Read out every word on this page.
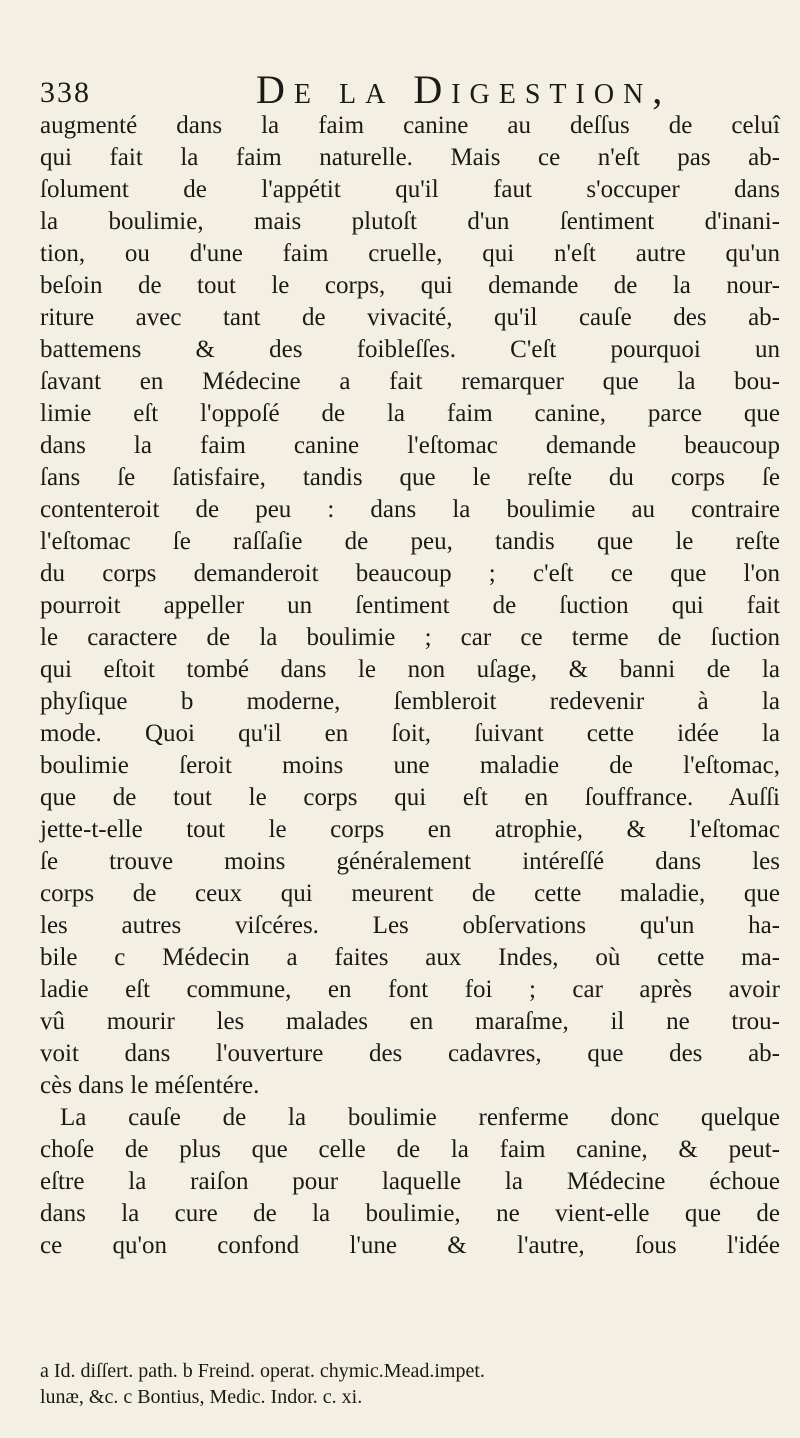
338	De la Digestion,
augmenté dans la faim canine au deſſus de celuî
qui fait la faim naturelle. Mais ce n'eſt pas ab-
ſolument de l'appétit qu'il faut s'occuper dans
la boulimie, mais plutoſt d'un ſentiment d'inani-
tion, ou d'une faim cruelle, qui n'eſt autre qu'un
beſoin de tout le corps, qui demande de la nour-
riture avec tant de vivacité, qu'il cauſe des ab-
battemens & des foibleſſes. C'eſt pourquoi un
ſavant en Médecine a fait remarquer que la bou-
limie eſt l'oppoſé de la faim canine, parce que
dans la faim canine l'eſtomac demande beaucoup
ſans ſe ſatisfaire, tandis que le reſte du corps ſe
contenteroit de peu : dans la boulimie au contraire
l'eſtomac ſe raſſaſie de peu, tandis que le reſte
du corps demanderoit beaucoup ; c'eſt ce que l'on
pourroit appeller un ſentiment de ſuction qui fait
le caractere de la boulimie ; car ce terme de ſuction
qui eſtoit tombé dans le non uſage, & banni de la
phyſique b moderne, ſembleroit redevenir à la
mode. Quoi qu'il en ſoit, ſuivant cette idée la
boulimie ſeroit moins une maladie de l'eſtomac,
que de tout le corps qui eſt en ſouffrance. Auſſi
jette-t-elle tout le corps en atrophie, & l'eſtomac
ſe trouve moins généralement intéreſſé dans les
corps de ceux qui meurent de cette maladie, que
les autres viſcéres. Les obſervations qu'un ha-
bile c Médecin a faites aux Indes, où cette ma-
ladie eſt commune, en font foi ; car après avoir
vû mourir les malades en maraſme, il ne trou-
voit dans l'ouverture des cadavres, que des ab-
cès dans le méſentére.
La cauſe de la boulimie renferme donc quelque
choſe de plus que celle de la faim canine, & peut-
eſtre la raiſon pour laquelle la Médecine échoue
dans la cure de la boulimie, ne vient-elle que de
ce qu'on confond l'une & l'autre, ſous l'idée
a Id. diſſert. path. b Freind. operat. chymic.Mead.impet.
lunæ, &c. c Bontius, Medic. Indor. c. xi.
